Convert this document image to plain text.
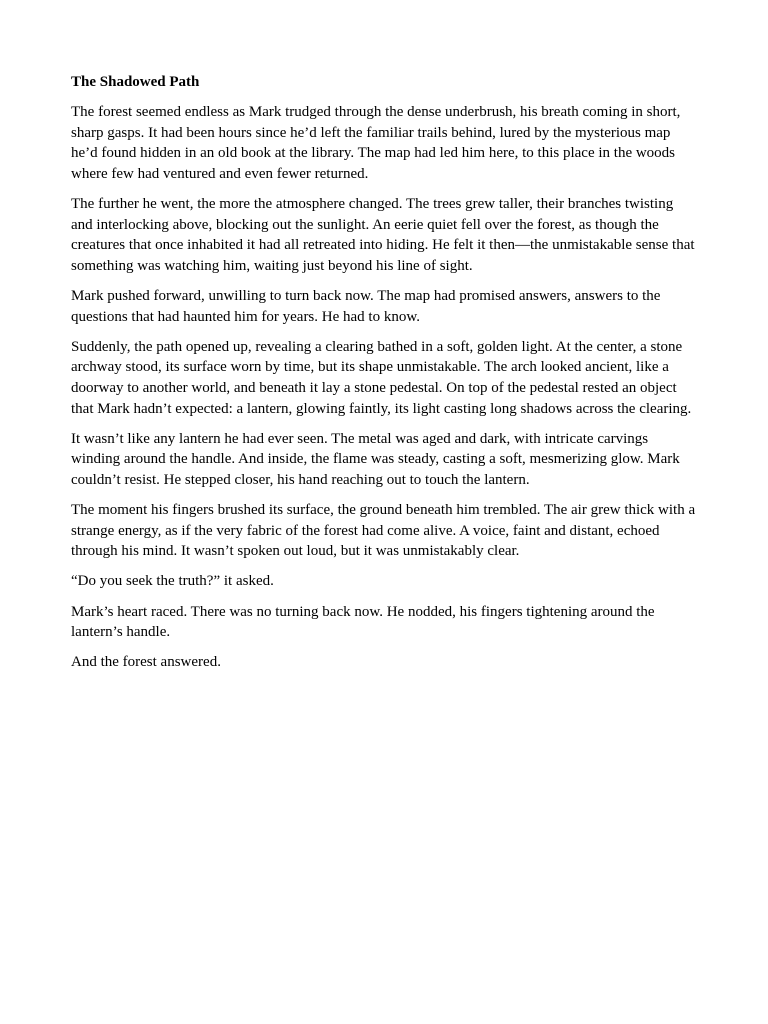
The Shadowed Path

The forest seemed endless as Mark trudged through the dense underbrush, his breath coming in short, sharp gasps. It had been hours since he’d left the familiar trails behind, lured by the mysterious map he’d found hidden in an old book at the library. The map had led him here, to this place in the woods where few had ventured and even fewer returned.

The further he went, the more the atmosphere changed. The trees grew taller, their branches twisting and interlocking above, blocking out the sunlight. An eerie quiet fell over the forest, as though the creatures that once inhabited it had all retreated into hiding. He felt it then—the unmistakable sense that something was watching him, waiting just beyond his line of sight.

Mark pushed forward, unwilling to turn back now. The map had promised answers, answers to the questions that had haunted him for years. He had to know.

Suddenly, the path opened up, revealing a clearing bathed in a soft, golden light. At the center, a stone archway stood, its surface worn by time, but its shape unmistakable. The arch looked ancient, like a doorway to another world, and beneath it lay a stone pedestal. On top of the pedestal rested an object that Mark hadn’t expected: a lantern, glowing faintly, its light casting long shadows across the clearing.

It wasn’t like any lantern he had ever seen. The metal was aged and dark, with intricate carvings winding around the handle. And inside, the flame was steady, casting a soft, mesmerizing glow. Mark couldn’t resist. He stepped closer, his hand reaching out to touch the lantern.

The moment his fingers brushed its surface, the ground beneath him trembled. The air grew thick with a strange energy, as if the very fabric of the forest had come alive. A voice, faint and distant, echoed through his mind. It wasn’t spoken out loud, but it was unmistakably clear.

“Do you seek the truth?” it asked.

Mark’s heart raced. There was no turning back now. He nodded, his fingers tightening around the lantern’s handle.

And the forest answered.
